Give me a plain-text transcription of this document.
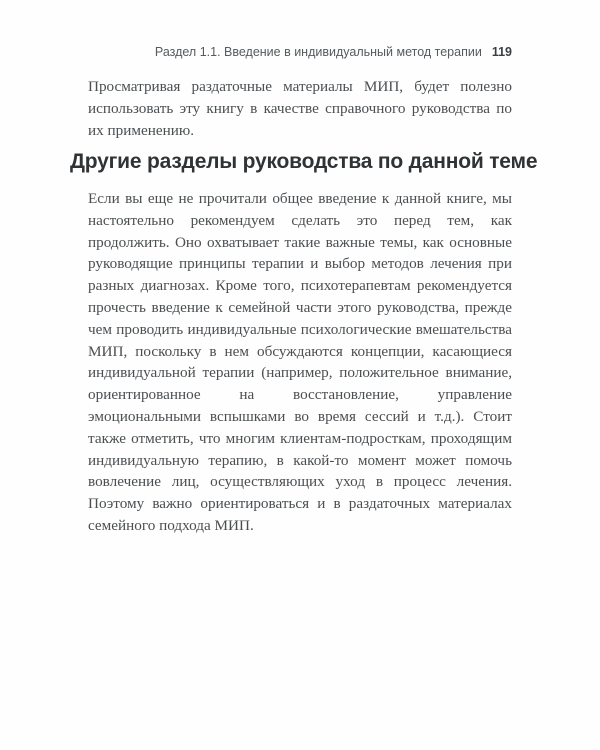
Раздел 1.1. Введение в индивидуальный метод терапии 119

Просматривая раздаточные материалы МИП, будет полезно использовать эту книгу в качестве справочного руководства по их применению.

Другие разделы руководства по данной теме

Если вы еще не прочитали общее введение к данной книге, мы настоятельно рекомендуем сделать это перед тем, как продолжить. Оно охватывает такие важные темы, как основные руководящие принципы терапии и выбор методов лечения при разных диагнозах. Кроме того, психотерапевтам рекомендуется прочесть введение к семейной части этого руководства, прежде чем проводить индивидуальные психологические вмешательства МИП, поскольку в нем обсуждаются концепции, касающиеся индивидуальной терапии (например, положительное внимание, ориентированное на восстановление, управление эмоциональными вспышками во время сессий и т.д.). Стоит также отметить, что многим клиентам-подросткам, проходящим индивидуальную терапию, в какой-то момент может помочь вовлечение лиц, осуществляющих уход в процесс лечения. Поэтому важно ориентироваться и в раздаточных материалах семейного подхода МИП.
